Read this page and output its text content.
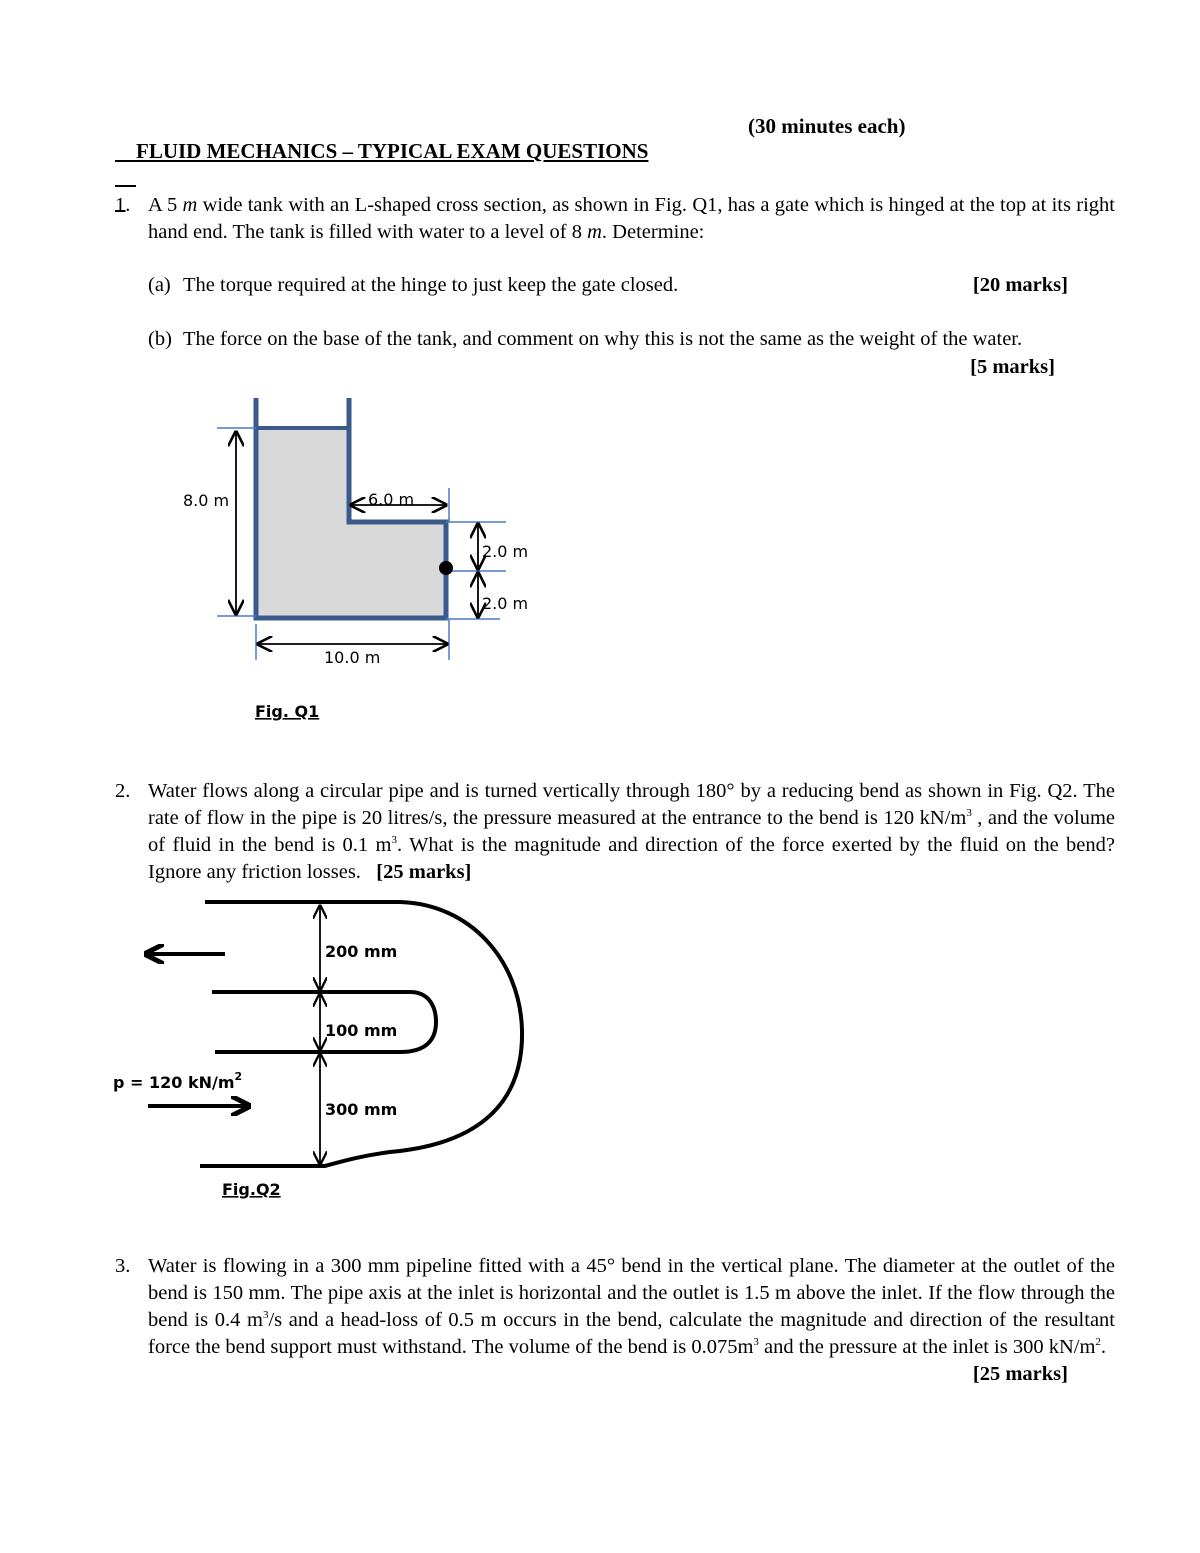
FLUID MECHANICS – TYPICAL EXAM QUESTIONS

(30 minutes each)

1. A 5 m wide tank with an L-shaped cross section, as shown in Fig. Q1, has a gate which is hinged at the top at its right hand end. The tank is filled with water to a level of 8 m. Determine:
(a) The torque required at the hinge to just keep the gate closed.	[20 marks]
(b) The force on the base of the tank, and comment on why this is not the same as the weight of the water.
[5 marks]
8.0 m	6.0 m
2.0 m
2.0 m
10.0 m
Fig. Q1
2. Water flows along a circular pipe and is turned vertically through 180° by a reducing bend as shown in Fig. Q2. The rate of flow in the pipe is 20 litres/s, the pressure measured at the entrance to the bend is 120 $kN/m^3$ , and the volume of fluid in the bend is 0.1 $m^3$. What is the magnitude and direction of the force exerted by the fluid on the bend? Ignore any friction losses. [25 marks]
200 mm
100 mm
300 mm
p = 120 $kN/m^2$
Fig.Q2
3. Water is flowing in a 300 mm pipeline fitted with a 45° bend in the vertical plane. The diameter at the outlet of the bend is 150 mm. The pipe axis at the inlet is horizontal and the outlet is 1.5 m above the inlet. If the flow through the bend is 0.4 $m^3/s$ and a head-loss of 0.5 m occurs in the bend, calculate the magnitude and direction of the resultant force the bend support must withstand. The volume of the bend is $0.075m^3$ and the pressure at the inlet is 300 $kN/m^2$.
[25 marks]
